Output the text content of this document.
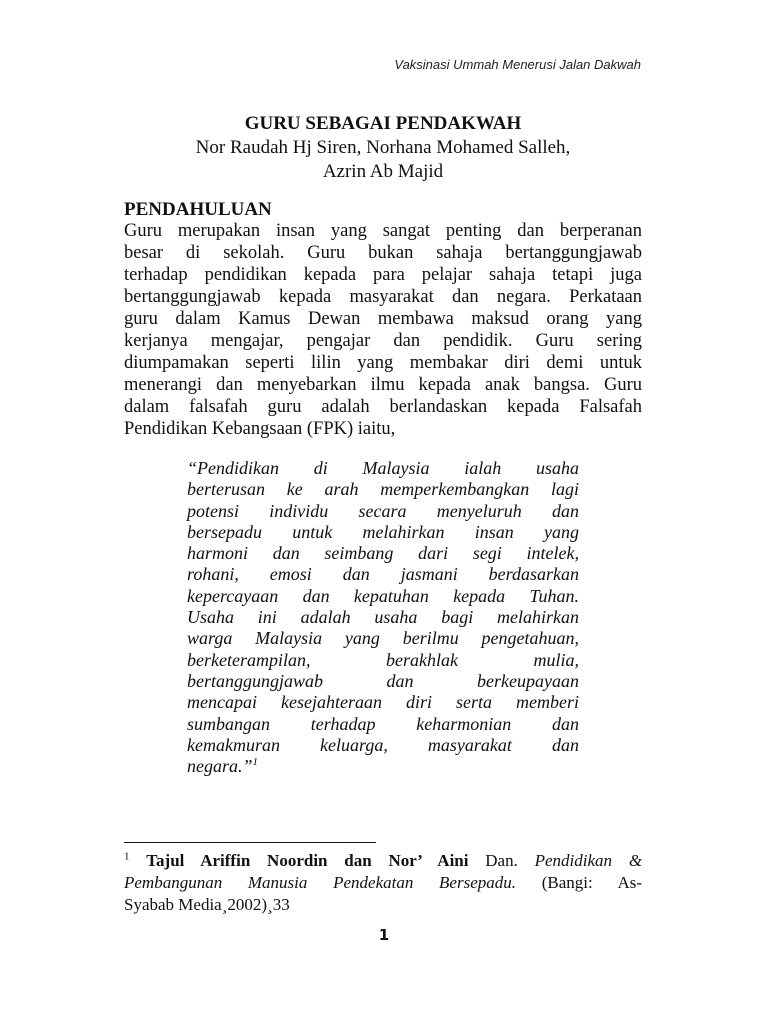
Vaksinasi Ummah Menerusi Jalan Dakwah
GURU SEBAGAI PENDAKWAH
Nor Raudah Hj Siren, Norhana Mohamed Salleh,
Azrin Ab Majid
PENDAHULUAN
Guru merupakan insan yang sangat penting dan berperanan
besar di sekolah. Guru bukan sahaja bertanggungjawab
terhadap pendidikan kepada para pelajar sahaja tetapi juga
bertanggungjawab kepada masyarakat dan negara. Perkataan
guru dalam Kamus Dewan membawa maksud orang yang
kerjanya mengajar, pengajar dan pendidik. Guru sering
diumpamakan seperti lilin yang membakar diri demi untuk
menerangi dan menyebarkan ilmu kepada anak bangsa. Guru
dalam falsafah guru adalah berlandaskan kepada Falsafah
Pendidikan Kebangsaan (FPK) iaitu,
“Pendidikan di Malaysia ialah usaha
berterusan ke arah memperkembangkan lagi
potensi individu secara menyeluruh dan
bersepadu untuk melahirkan insan yang
harmoni dan seimbang dari segi intelek,
rohani, emosi dan jasmani berdasarkan
kepercayaan dan kepatuhan kepada Tuhan.
Usaha ini adalah usaha bagi melahirkan
warga Malaysia yang berilmu pengetahuan,
berketerampilan, berakhlak mulia,
bertanggungjawab dan berkeupayaan
mencapai kesejahteraan diri serta memberi
sumbangan terhadap keharmonian dan
kemakmuran keluarga, masyarakat dan
negara.”$^1$
$^1$ Tajul Ariffin Noordin dan Nor’ Aini Dan. Pendidikan &
Pembangunan Manusia Pendekatan Bersepadu. (Bangi: As-
Syabab Media¸2002)¸33
1
